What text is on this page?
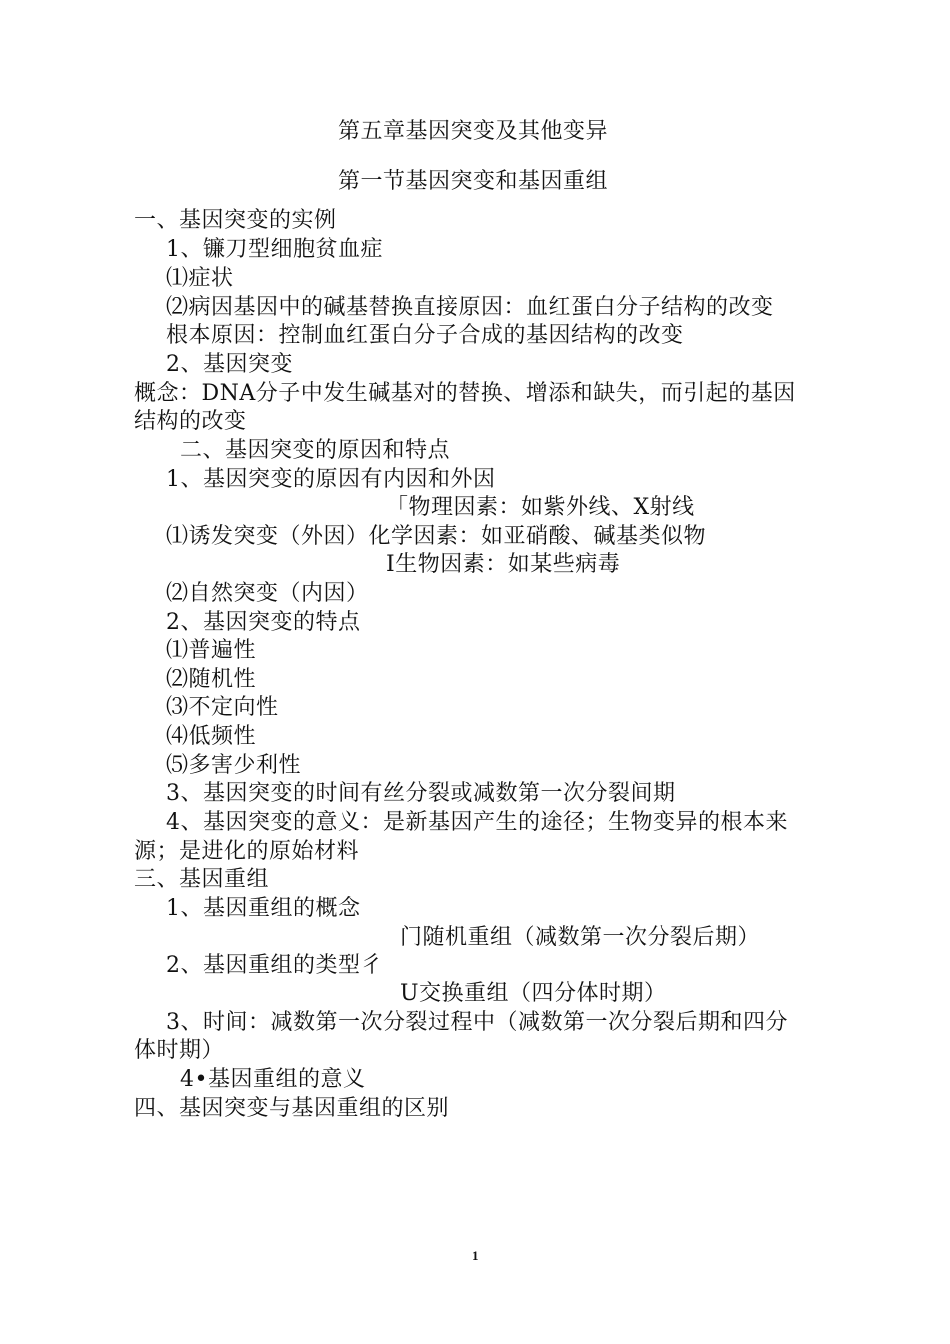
第五章基因突变及其他变异
第一节基因突变和基因重组
一、基因突变的实例
1、镰刀型细胞贫血症
⑴症状
⑵病因基因中的碱基替换直接原因：血红蛋白分子结构的改变
根本原因：控制血红蛋白分子合成的基因结构的改变
2、基因突变
概念：DNA分子中发生碱基对的替换、增添和缺失，而引起的基因
结构的改变
二、基因突变的原因和特点
1、基因突变的原因有内因和外因
「物理因素：如紫外线、X射线
⑴诱发突变（外因）化学因素：如亚硝酸、碱基类似物
I生物因素：如某些病毒
⑵自然突变（内因）
2、基因突变的特点
⑴普遍性
⑵随机性
⑶不定向性
⑷低频性
⑸多害少利性
3、基因突变的时间有丝分裂或减数第一次分裂间期
4、基因突变的意义：是新基因产生的途径；生物变异的根本来
源；是进化的原始材料
三、基因重组
1、基因重组的概念
门随机重组（减数第一次分裂后期）
2、基因重组的类型彳
U交换重组（四分体时期）
3、时间：减数第一次分裂过程中（减数第一次分裂后期和四分
体时期）
4•基因重组的意义
四、基因突变与基因重组的区别
1
